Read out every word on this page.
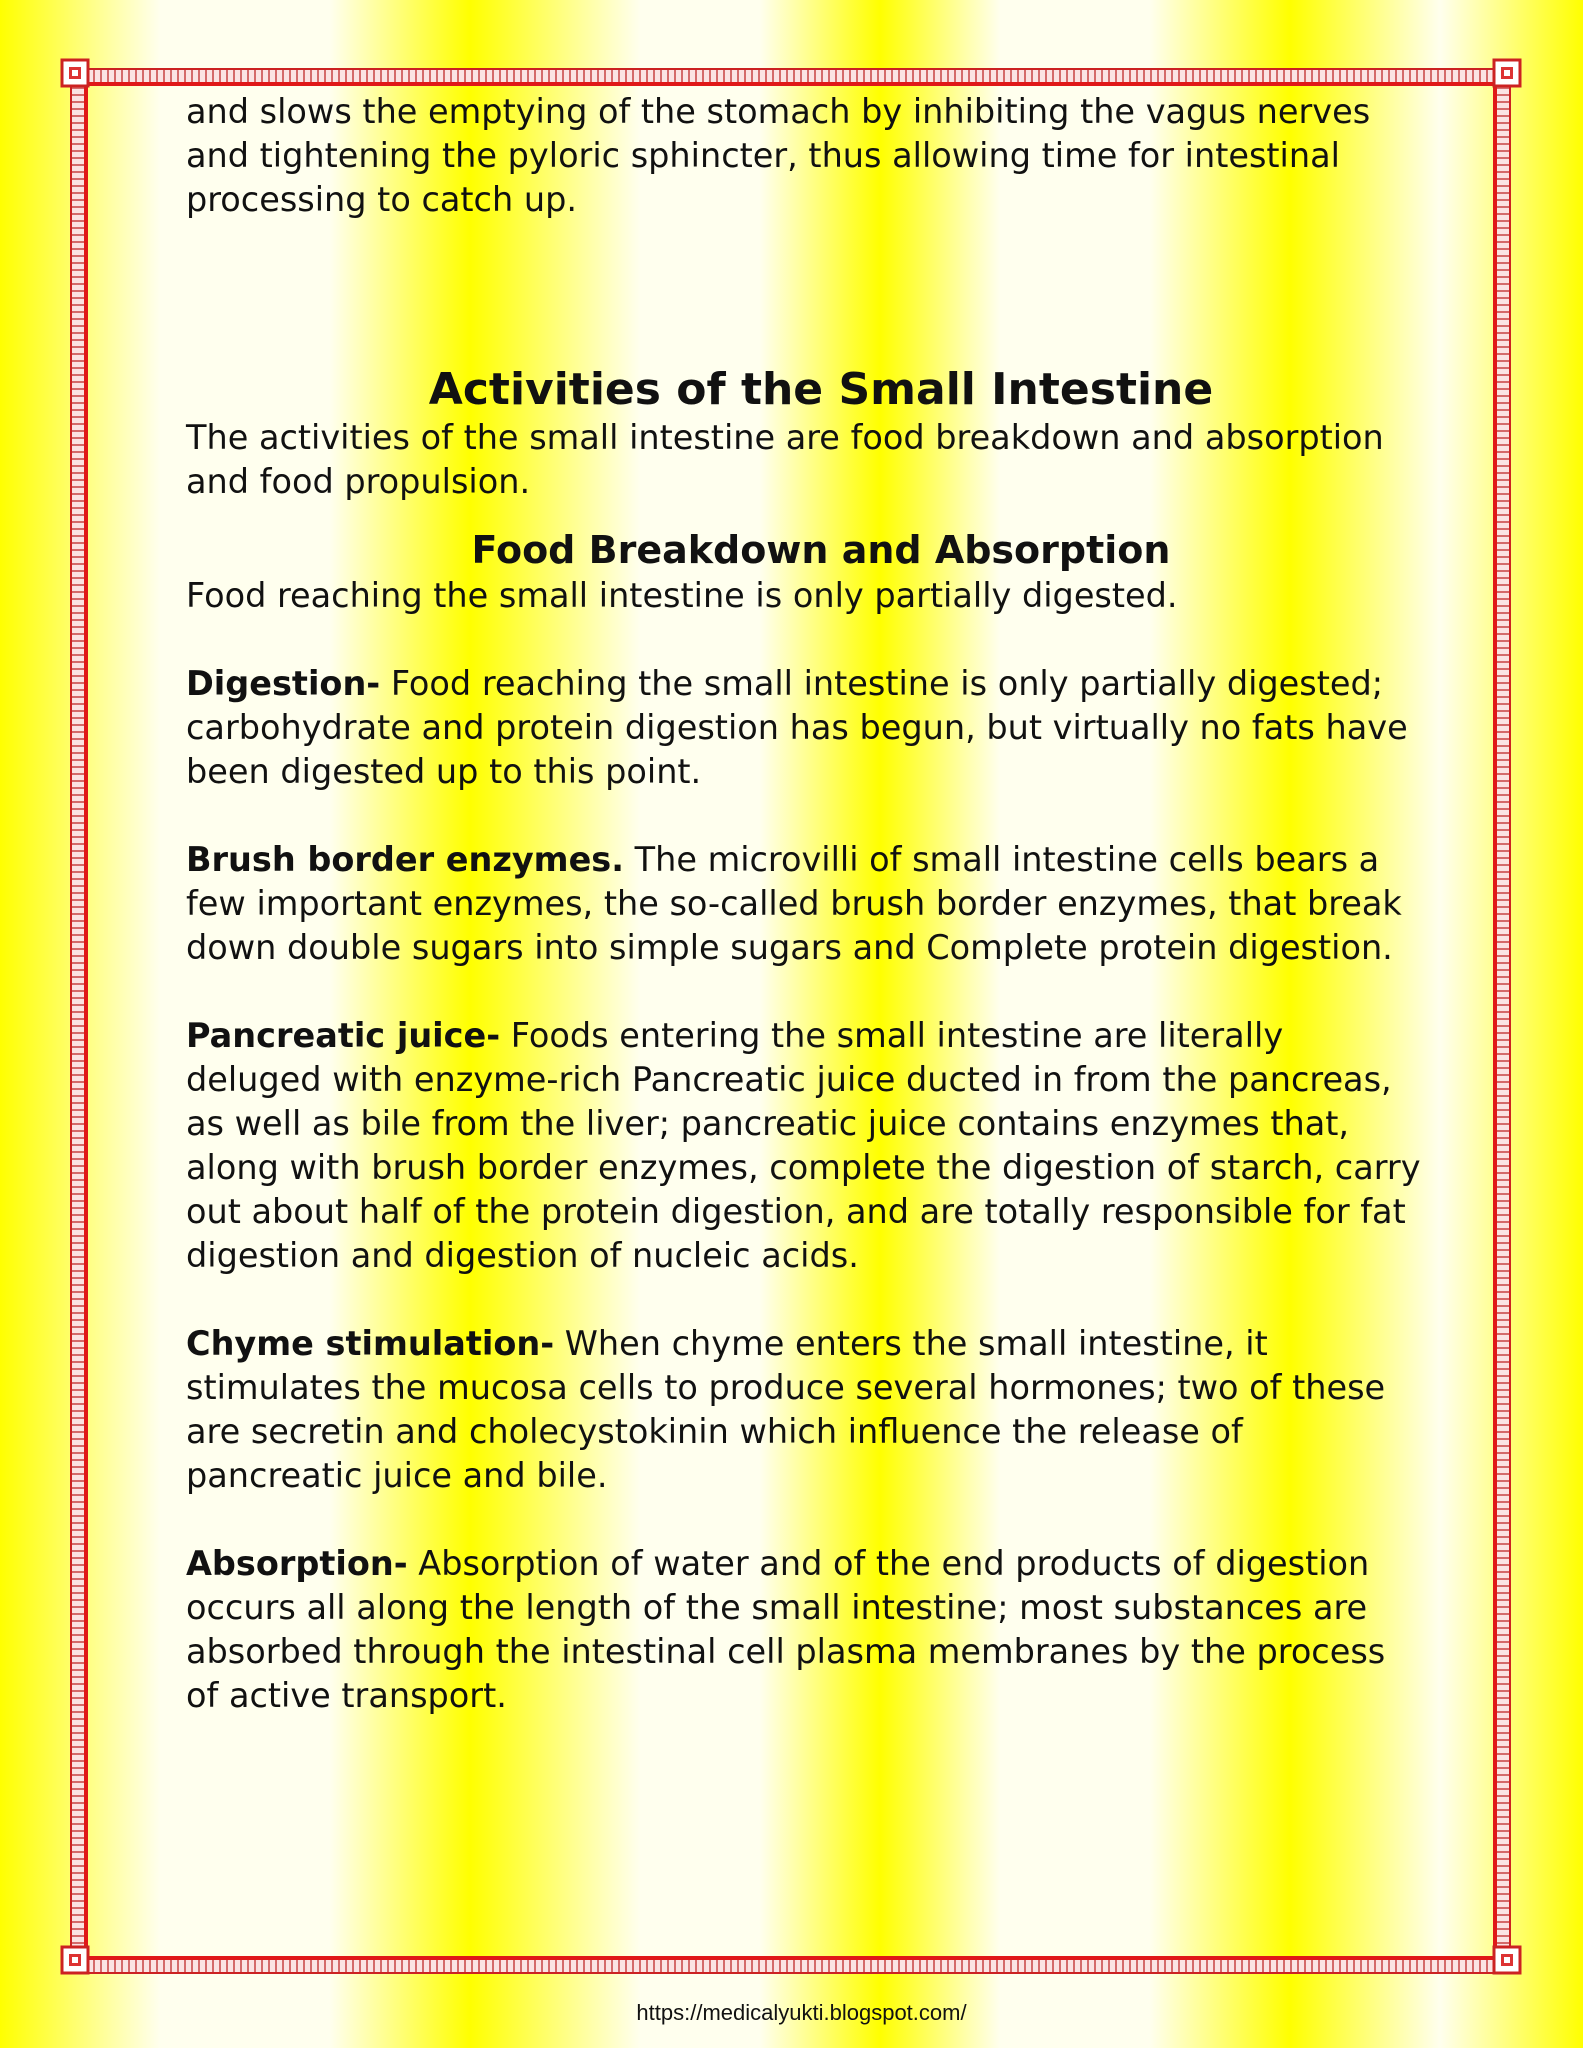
and slows the emptying of the stomach by inhibiting the vagus nerves and tightening the pyloric sphincter, thus allowing time for intestinal processing to catch up.

Activities of the Small Intestine

The activities of the small intestine are food breakdown and absorption and food propulsion.

Food Breakdown and Absorption

Food reaching the small intestine is only partially digested.

Digestion- Food reaching the small intestine is only partially digested; carbohydrate and protein digestion has begun, but virtually no fats have been digested up to this point.

Brush border enzymes. The microvilli of small intestine cells bears a few important enzymes, the so-called brush border enzymes, that break down double sugars into simple sugars and Complete protein digestion.

Pancreatic juice- Foods entering the small intestine are literally deluged with enzyme-rich Pancreatic juice ducted in from the pancreas, as well as bile from the liver; pancreatic juice contains enzymes that, along with brush border enzymes, complete the digestion of starch, carry out about half of the protein digestion, and are totally responsible for fat digestion and digestion of nucleic acids.

Chyme stimulation- When chyme enters the small intestine, it stimulates the mucosa cells to produce several hormones; two of these are secretin and cholecystokinin which influence the release of pancreatic juice and bile.

Absorption- Absorption of water and of the end products of digestion occurs all along the length of the small intestine; most substances are absorbed through the intestinal cell plasma membranes by the process of active transport.

https://medicalyukti.blogspot.com/
